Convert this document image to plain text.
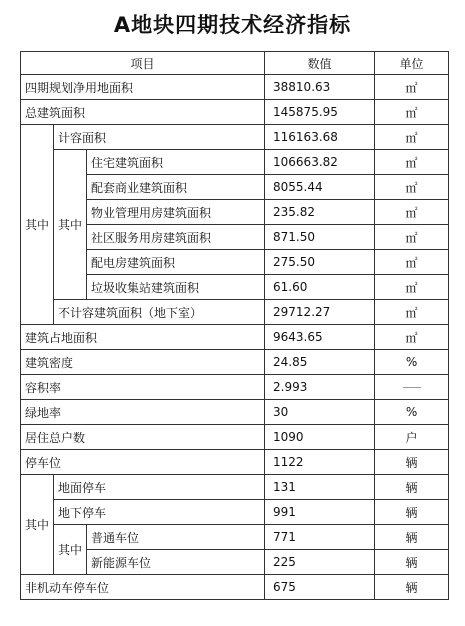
A地块四期技术经济指标
项目			数值	单位
四期规划净用地面积			38810.63	㎡
总建筑面积			145875.95	㎡
其中	计容面积		116163.68	㎡
	其中	住宅建筑面积	106663.82	㎡
		配套商业建筑面积	8055.44	㎡
		物业管理用房建筑面积	235.82	㎡
		社区服务用房建筑面积	871.50	㎡
		配电房建筑面积	275.50	㎡
		垃圾收集站建筑面积	61.60	㎡
	不计容建筑面积（地下室）		29712.27	㎡
建筑占地面积			9643.65	㎡
建筑密度			24.85	%
容积率			2.993	
绿地率			30	%
居住总户数			1090	户
停车位			1122	辆
其中	地面停车		131	辆
	地下停车		991	辆
	其中	普通车位	771	辆
		新能源车位	225	辆
非机动车停车位			675	辆
